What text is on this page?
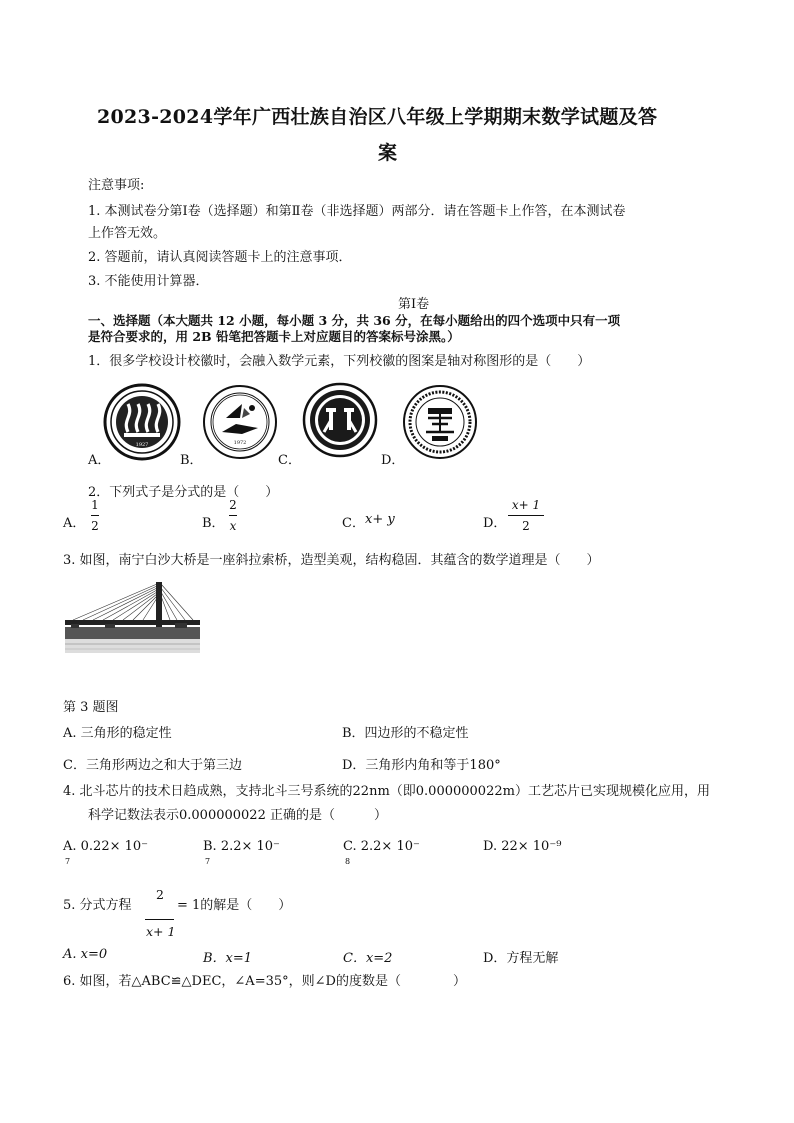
2023-2024学年广西壮族自治区八年级上学期期末数学试题及答
案
注意事项:
1. 本测试卷分第Ⅰ卷（选择题）和第Ⅱ卷（非选择题）两部分．请在答题卡上作答，在本测试卷
上作答无效。
2. 答题前，请认真阅读答题卡上的注意事项．
3. 不能使用计算器．
第Ⅰ卷
一、选择题（本大题共 12 小题，每小题 3 分，共 36 分，在每小题给出的四个选项中只有一项
是符合要求的，用 2B 铅笔把答题卡上对应题目的答案标号涂黑。）
1．很多学校设计校徽时，会融入数学元素，下列校徽的图案是轴对称图形的是（　　）
1927	1972
A．	B．	C．	D．
2．下列式子是分式的是（　　）
A．
1
2	B．
2
x	C． x+ y	D．
x+ 1
2
3. 如图，南宁白沙大桥是一座斜拉索桥，造型美观，结构稳固．其蕴含的数学道理是（　　）
第 3 题图
A. 三角形的稳定性	B．四边形的不稳定性
C．三角形两边之和大于第三边	D．三角形内角和等于180°
4. 北斗芯片的技术日趋成熟，支持北斗三号系统的22nm（即0.000000022m）工艺芯片已实现规模化应用，用
科学记数法表示0.000000022 正确的是（　　　）
A. 0.22× 10⁻
7
B. 2.2× 10⁻
7
C. 2.2× 10⁻
8
D. 22× 10⁻⁹
5. 分式方程
2
= 1的解是（　　）
x+ 1
A. x=0	B．x=1	C．x=2	D．方程无解
6. 如图，若△ABC≌△DEC，∠A=35°，则∠D的度数是（　　　　）
